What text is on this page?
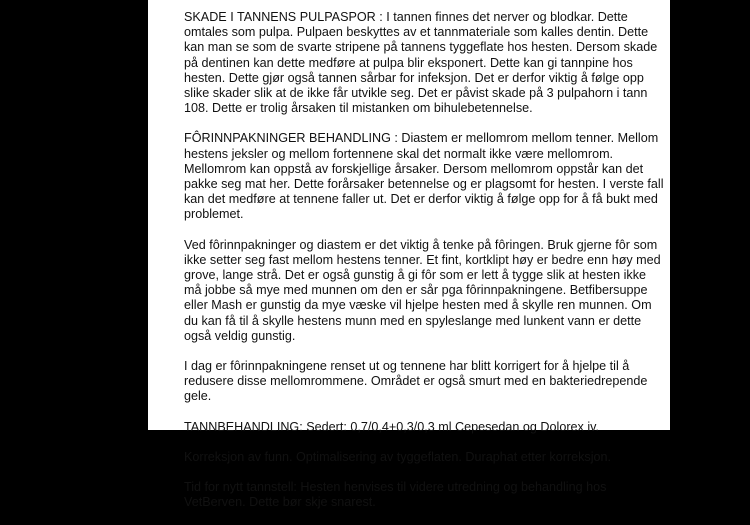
SKADE I TANNENS PULPASPOR : I tannen finnes det nerver og blodkar. Dette omtales som pulpa. Pulpaen beskyttes av et tannmateriale som kalles dentin. Dette kan man se som de svarte stripene på tannens tyggeflate hos hesten. Dersom skade på dentinen kan dette medføre at pulpa blir eksponert. Dette kan gi tannpine hos hesten. Dette gjør også tannen sårbar for infeksjon. Det er derfor viktig å følge opp slike skader slik at de ikke får utvikle seg. Det er påvist skade på 3 pulpahorn i tann 108. Dette er trolig årsaken til mistanken om bihulebetennelse.

FÔRINNPAKNINGER BEHANDLING : Diastem er mellomrom mellom tenner. Mellom hestens jeksler og mellom fortennene skal det normalt ikke være mellomrom. Mellomrom kan oppstå av forskjellige årsaker. Dersom mellomrom oppstår kan det pakke seg mat her. Dette forårsaker betennelse og er plagsomt for hesten. I verste fall kan det medføre at tennene faller ut. Det er derfor viktig å følge opp for å få bukt med problemet.

Ved fôrinnpakninger og diastem er det viktig å tenke på fôringen. Bruk gjerne fôr som ikke setter seg fast mellom hestens tenner. Et fint, kortklipt høy er bedre enn høy med grove, lange strå. Det er også gunstig å gi fôr som er lett å tygge slik at hesten ikke må jobbe så mye med munnen om den er sår pga fôrinnpakningene. Betfibersuppe eller Mash er gunstig da mye væske vil hjelpe hesten med å skylle ren munnen. Om du kan få til å skylle hestens munn med en spyleslange med lunkent vann er dette også veldig gunstig.

I dag er fôrinnpakningene renset ut og tennene har blitt korrigert for å hjelpe til å redusere disse mellomrommene. Området er også smurt med en bakteriedrepende gele.

TANNBEHANDLING: Sedert: 0,7/0,4+0,3/0,3 ml Cepesedan og Dolorex iv.

Korreksjon av funn. Optimalisering av tyggeflaten. Duraphat etter korreksjon.

Tid for nytt tannstell: Hesten henvises til videre utredning og behandling hos VetBerven. Dette bør skje snarest.
